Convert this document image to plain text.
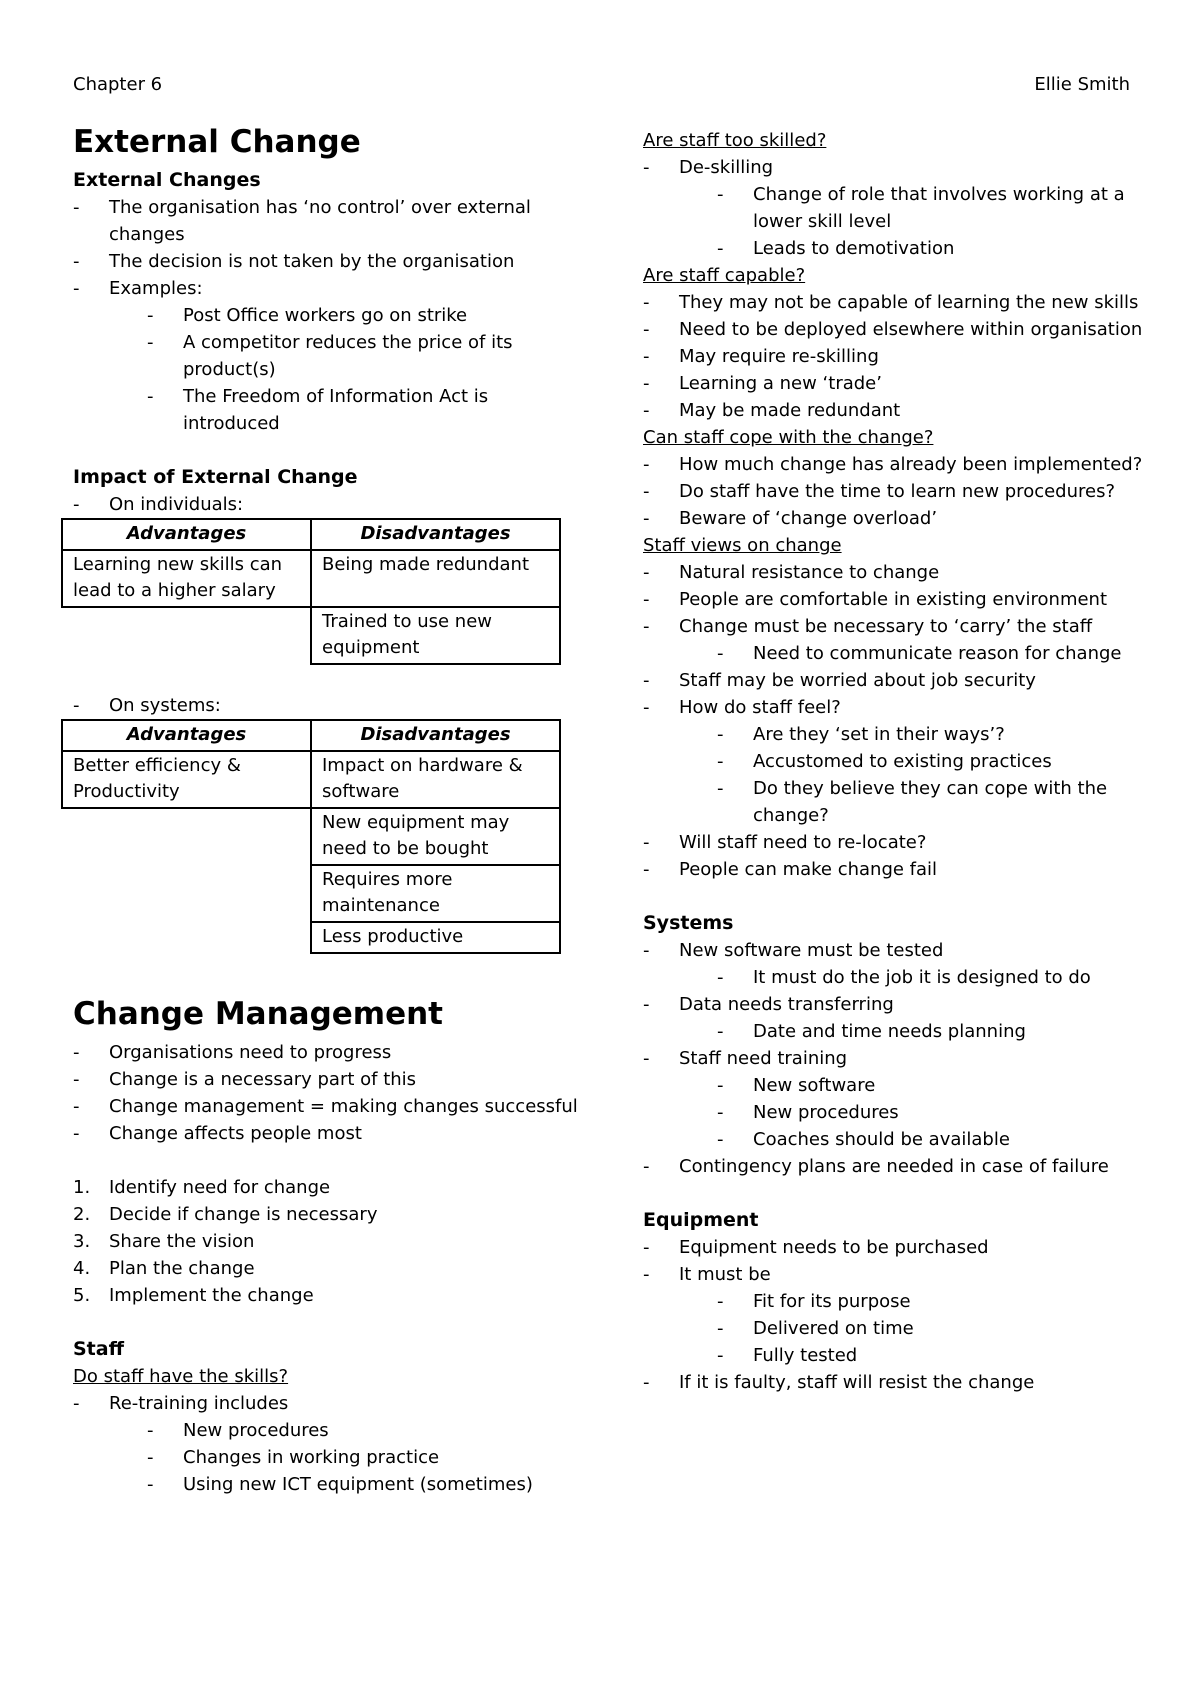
Chapter 6	Ellie Smith
External Change
External Changes
- The organisation has ‘no control’ over external changes
- The decision is not taken by the organisation
- Examples:
- Post Office workers go on strike
- A competitor reduces the price of its product(s)
- The Freedom of Information Act is introduced
Impact of External Change
- On individuals:
Advantages	Disadvantages
Learning new skills can lead to a higher salary	Being made redundant
	Trained to use new equipment
- On systems:
Advantages	Disadvantages
Better efficiency & Productivity	Impact on hardware & software
	New equipment may need to be bought
	Requires more maintenance
	Less productive
Change Management
- Organisations need to progress
- Change is a necessary part of this
- Change management = making changes successful
- Change affects people most
1. Identify need for change
2. Decide if change is necessary
3. Share the vision
4. Plan the change
5. Implement the change
Staff
Do staff have the skills?
- Re-training includes
- New procedures
- Changes in working practice
- Using new ICT equipment (sometimes)
Are staff too skilled?
- De-skilling
- Change of role that involves working at a lower skill level
- Leads to demotivation
Are staff capable?
- They may not be capable of learning the new skills
- Need to be deployed elsewhere within organisation
- May require re-skilling
- Learning a new ‘trade’
- May be made redundant
Can staff cope with the change?
- How much change has already been implemented?
- Do staff have the time to learn new procedures?
- Beware of ‘change overload’
Staff views on change
- Natural resistance to change
- People are comfortable in existing environment
- Change must be necessary to ‘carry’ the staff
- Need to communicate reason for change
- Staff may be worried about job security
- How do staff feel?
- Are they ‘set in their ways’?
- Accustomed to existing practices
- Do they believe they can cope with the change?
- Will staff need to re-locate?
- People can make change fail
Systems
- New software must be tested
- It must do the job it is designed to do
- Data needs transferring
- Date and time needs planning
- Staff need training
- New software
- New procedures
- Coaches should be available
- Contingency plans are needed in case of failure
Equipment
- Equipment needs to be purchased
- It must be
- Fit for its purpose
- Delivered on time
- Fully tested
- If it is faulty, staff will resist the change
